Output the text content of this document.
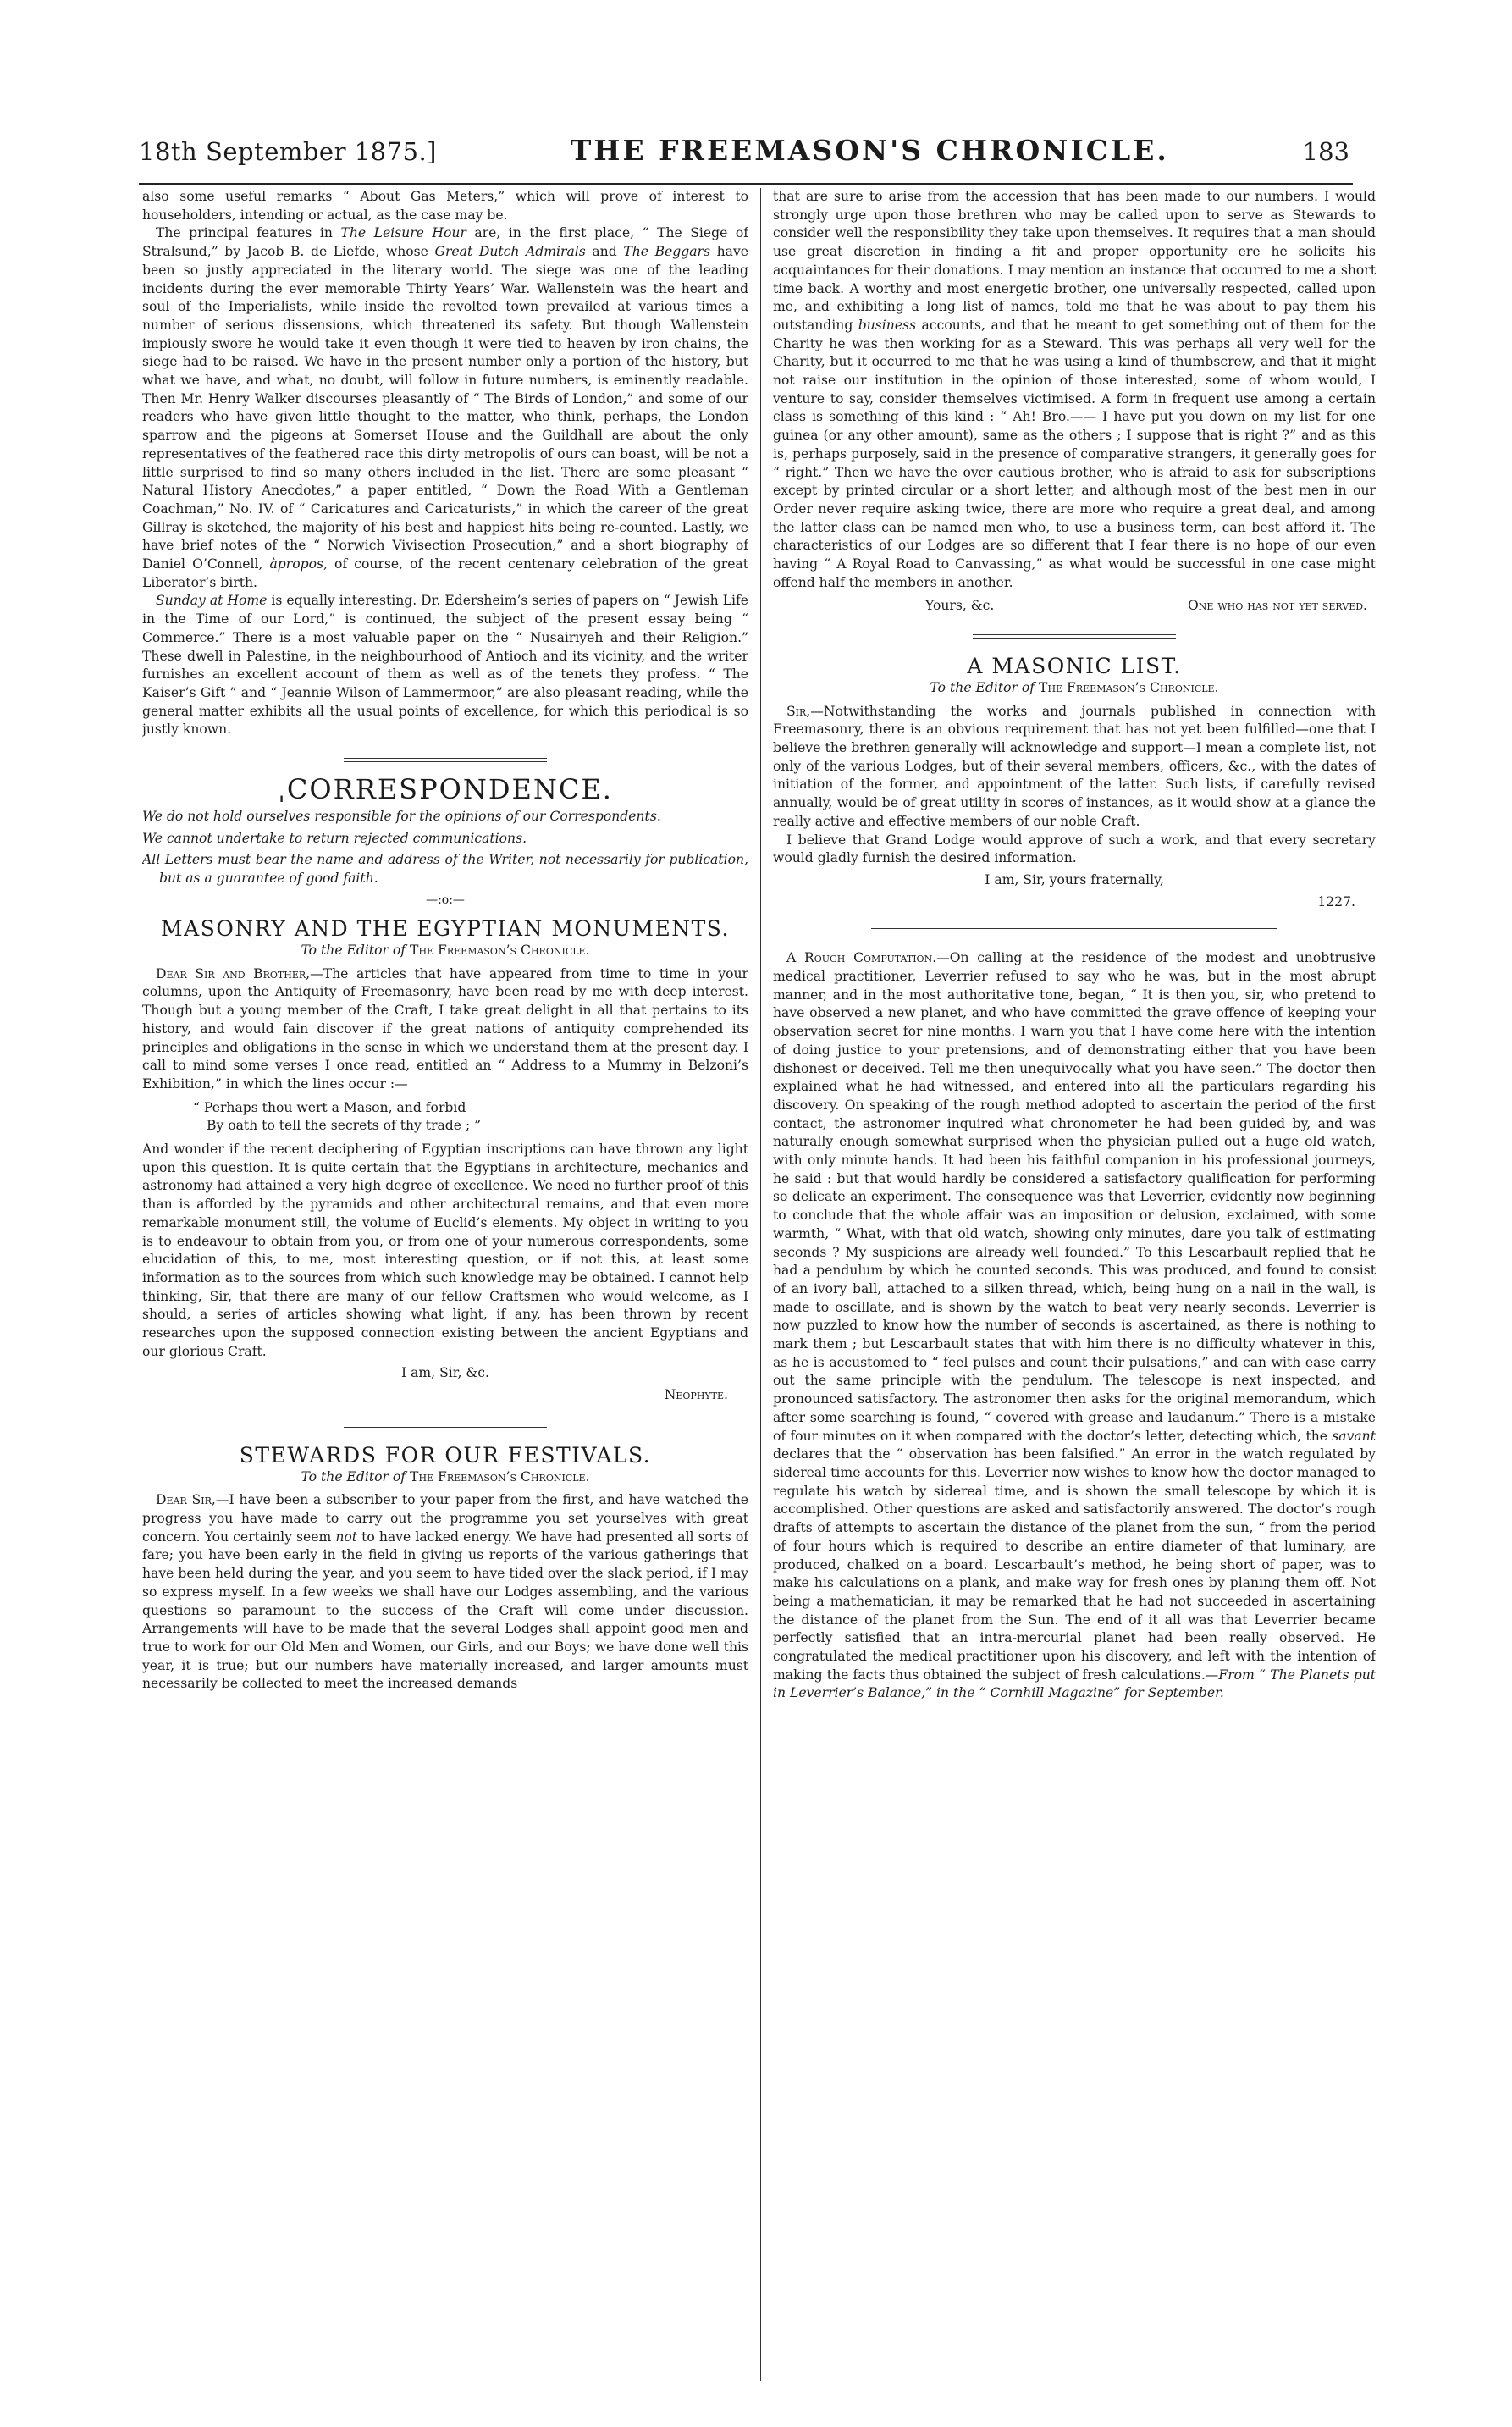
18th September 1875.]	THE FREEMASON'S CHRONICLE.	183

also some useful remarks “ About Gas Meters,” which will prove of interest to householders, intending or actual, as the case may be.

The principal features in The Leisure Hour are, in the first place, “ The Siege of Stralsund,” by Jacob B. de Liefde, whose Great Dutch Admirals and The Beggars have been so justly appreciated in the literary world. The siege was one of the leading incidents during the ever memorable Thirty Years’ War. Wallenstein was the heart and soul of the Imperialists, while inside the revolted town prevailed at various times a number of serious dissensions, which threatened its safety. But though Wallenstein impiously swore he would take it even though it were tied to heaven by iron chains, the siege had to be raised. We have in the present number only a portion of the history, but what we have, and what, no doubt, will follow in future numbers, is eminently readable. Then Mr. Henry Walker discourses pleasantly of “ The Birds of London,” and some of our readers who have given little thought to the matter, who think, perhaps, the London sparrow and the pigeons at Somerset House and the Guildhall are about the only representatives of the feathered race this dirty metropolis of ours can boast, will be not a little surprised to find so many others included in the list. There are some pleasant “ Natural History Anecdotes,” a paper entitled, “ Down the Road With a Gentleman Coachman,” No. IV. of “ Caricatures and Caricaturists,” in which the career of the great Gillray is sketched, the majority of his best and happiest hits being re-counted. Lastly, we have brief notes of the “ Norwich Vivisection Prosecution,” and a short biography of Daniel O’Connell, àpropos, of course, of the recent centenary celebration of the great Liberator’s birth.

Sunday at Home is equally interesting. Dr. Edersheim’s series of papers on “ Jewish Life in the Time of our Lord,” is continued, the subject of the present essay being “ Commerce.” There is a most valuable paper on the “ Nusairiyeh and their Religion.” These dwell in Palestine, in the neighbourhood of Antioch and its vicinity, and the writer furnishes an excellent account of them as well as of the tenets they profess. “ The Kaiser’s Gift ” and “ Jeannie Wilson of Lammermoor,” are also pleasant reading, while the general matter exhibits all the usual points of excellence, for which this periodical is so justly known.

ˌCORRESPONDENCE.

We do not hold ourselves responsible for the opinions of our Correspondents.

We cannot undertake to return rejected communications.

All Letters must bear the name and address of the Writer, not necessarily for publication, but as a guarantee of good faith.

—:o:—
MASONRY AND THE EGYPTIAN MONUMENTS.
To the Editor of The Freemason’s Chronicle.

Dear Sir and Brother,—The articles that have appeared from time to time in your columns, upon the Antiquity of Freemasonry, have been read by me with deep interest. Though but a young member of the Craft, I take great delight in all that pertains to its history, and would fain discover if the great nations of antiquity comprehended its principles and obligations in the sense in which we understand them at the present day. I call to mind some verses I once read, entitled an “ Address to a Mummy in Belzoni’s Exhibition,” in which the lines occur :—

“ Perhaps thou wert a Mason, and forbid
By oath to tell the secrets of thy trade ; ”

And wonder if the recent deciphering of Egyptian inscriptions can have thrown any light upon this question. It is quite certain that the Egyptians in architecture, mechanics and astronomy had attained a very high degree of excellence. We need no further proof of this than is afforded by the pyramids and other architectural remains, and that even more remarkable monument still, the volume of Euclid’s elements. My object in writing to you is to endeavour to obtain from you, or from one of your numerous correspondents, some elucidation of this, to me, most interesting question, or if not this, at least some information as to the sources from which such knowledge may be obtained. I cannot help thinking, Sir, that there are many of our fellow Craftsmen who would welcome, as I should, a series of articles showing what light, if any, has been thrown by recent researches upon the supposed connection existing between the ancient Egyptians and our glorious Craft.

I am, Sir, &c.
Neophyte.
STEWARDS FOR OUR FESTIVALS.
To the Editor of The Freemason’s Chronicle.

Dear Sir,—I have been a subscriber to your paper from the first, and have watched the progress you have made to carry out the programme you set yourselves with great concern. You certainly seem not to have lacked energy. We have had presented all sorts of fare; you have been early in the field in giving us reports of the various gatherings that have been held during the year, and you seem to have tided over the slack period, if I may so express myself. In a few weeks we shall have our Lodges assembling, and the various questions so paramount to the success of the Craft will come under discussion. Arrangements will have to be made that the several Lodges shall appoint good men and true to work for our Old Men and Women, our Girls, and our Boys; we have done well this year, it is true; but our numbers have materially increased, and larger amounts must necessarily be collected to meet the increased demands

that are sure to arise from the accession that has been made to our numbers. I would strongly urge upon those brethren who may be called upon to serve as Stewards to consider well the responsibility they take upon themselves. It requires that a man should use great discretion in finding a fit and proper opportunity ere he solicits his acquaintances for their donations. I may mention an instance that occurred to me a short time back. A worthy and most energetic brother, one universally respected, called upon me, and exhibiting a long list of names, told me that he was about to pay them his outstanding business accounts, and that he meant to get something out of them for the Charity he was then working for as a Steward. This was perhaps all very well for the Charity, but it occurred to me that he was using a kind of thumbscrew, and that it might not raise our institution in the opinion of those interested, some of whom would, I venture to say, consider themselves victimised. A form in frequent use among a certain class is something of this kind : “ Ah! Bro.—— I have put you down on my list for one guinea (or any other amount), same as the others ; I suppose that is right ?” and as this is, perhaps purposely, said in the presence of comparative strangers, it generally goes for “ right.” Then we have the over cautious brother, who is afraid to ask for subscriptions except by printed circular or a short letter, and although most of the best men in our Order never require asking twice, there are more who require a great deal, and among the latter class can be named men who, to use a business term, can best afford it. The characteristics of our Lodges are so different that I fear there is no hope of our even having “ A Royal Road to Canvassing,” as what would be successful in one case might offend half the members in another.

Yours, &c.	One who has not yet served.
A MASONIC LIST.
To the Editor of The Freemason’s Chronicle.

Sir,—Notwithstanding the works and journals published in connection with Freemasonry, there is an obvious requirement that has not yet been fulfilled—one that I believe the brethren generally will acknowledge and support—I mean a complete list, not only of the various Lodges, but of their several members, officers, &c., with the dates of initiation of the former, and appointment of the latter. Such lists, if carefully revised annually, would be of great utility in scores of instances, as it would show at a glance the really active and effective members of our noble Craft.

I believe that Grand Lodge would approve of such a work, and that every secretary would gladly furnish the desired information.

I am, Sir, yours fraternally,
1227.

A Rough Computation.—On calling at the residence of the modest and unobtrusive medical practitioner, Leverrier refused to say who he was, but in the most abrupt manner, and in the most authoritative tone, began, “ It is then you, sir, who pretend to have observed a new planet, and who have committed the grave offence of keeping your observation secret for nine months. I warn you that I have come here with the intention of doing justice to your pretensions, and of demonstrating either that you have been dishonest or deceived. Tell me then unequivocally what you have seen.” The doctor then explained what he had witnessed, and entered into all the particulars regarding his discovery. On speaking of the rough method adopted to ascertain the period of the first contact, the astronomer inquired what chronometer he had been guided by, and was naturally enough somewhat surprised when the physician pulled out a huge old watch, with only minute hands. It had been his faithful companion in his professional journeys, he said : but that would hardly be considered a satisfactory qualification for performing so delicate an experiment. The consequence was that Leverrier, evidently now beginning to conclude that the whole affair was an imposition or delusion, exclaimed, with some warmth, “ What, with that old watch, showing only minutes, dare you talk of estimating seconds ? My suspicions are already well founded.” To this Lescarbault replied that he had a pendulum by which he counted seconds. This was produced, and found to consist of an ivory ball, attached to a silken thread, which, being hung on a nail in the wall, is made to oscillate, and is shown by the watch to beat very nearly seconds. Leverrier is now puzzled to know how the number of seconds is ascertained, as there is nothing to mark them ; but Lescarbault states that with him there is no difficulty whatever in this, as he is accustomed to “ feel pulses and count their pulsations,” and can with ease carry out the same principle with the pendulum. The telescope is next inspected, and pronounced satisfactory. The astronomer then asks for the original memorandum, which after some searching is found, “ covered with grease and laudanum.” There is a mistake of four minutes on it when compared with the doctor’s letter, detecting which, the savant declares that the “ observation has been falsified.” An error in the watch regulated by sidereal time accounts for this. Leverrier now wishes to know how the doctor managed to regulate his watch by sidereal time, and is shown the small telescope by which it is accomplished. Other questions are asked and satisfactorily answered. The doctor’s rough drafts of attempts to ascertain the distance of the planet from the sun, “ from the period of four hours which is required to describe an entire diameter of that luminary, are produced, chalked on a board. Lescarbault’s method, he being short of paper, was to make his calculations on a plank, and make way for fresh ones by planing them off. Not being a mathematician, it may be remarked that he had not succeeded in ascertaining the distance of the planet from the Sun. The end of it all was that Leverrier became perfectly satisfied that an intra-mercurial planet had been really observed. He congratulated the medical practitioner upon his discovery, and left with the intention of making the facts thus obtained the subject of fresh calculations.—From “ The Planets put in Leverrier’s Balance,” in the “ Cornhill Magazine” for September.
